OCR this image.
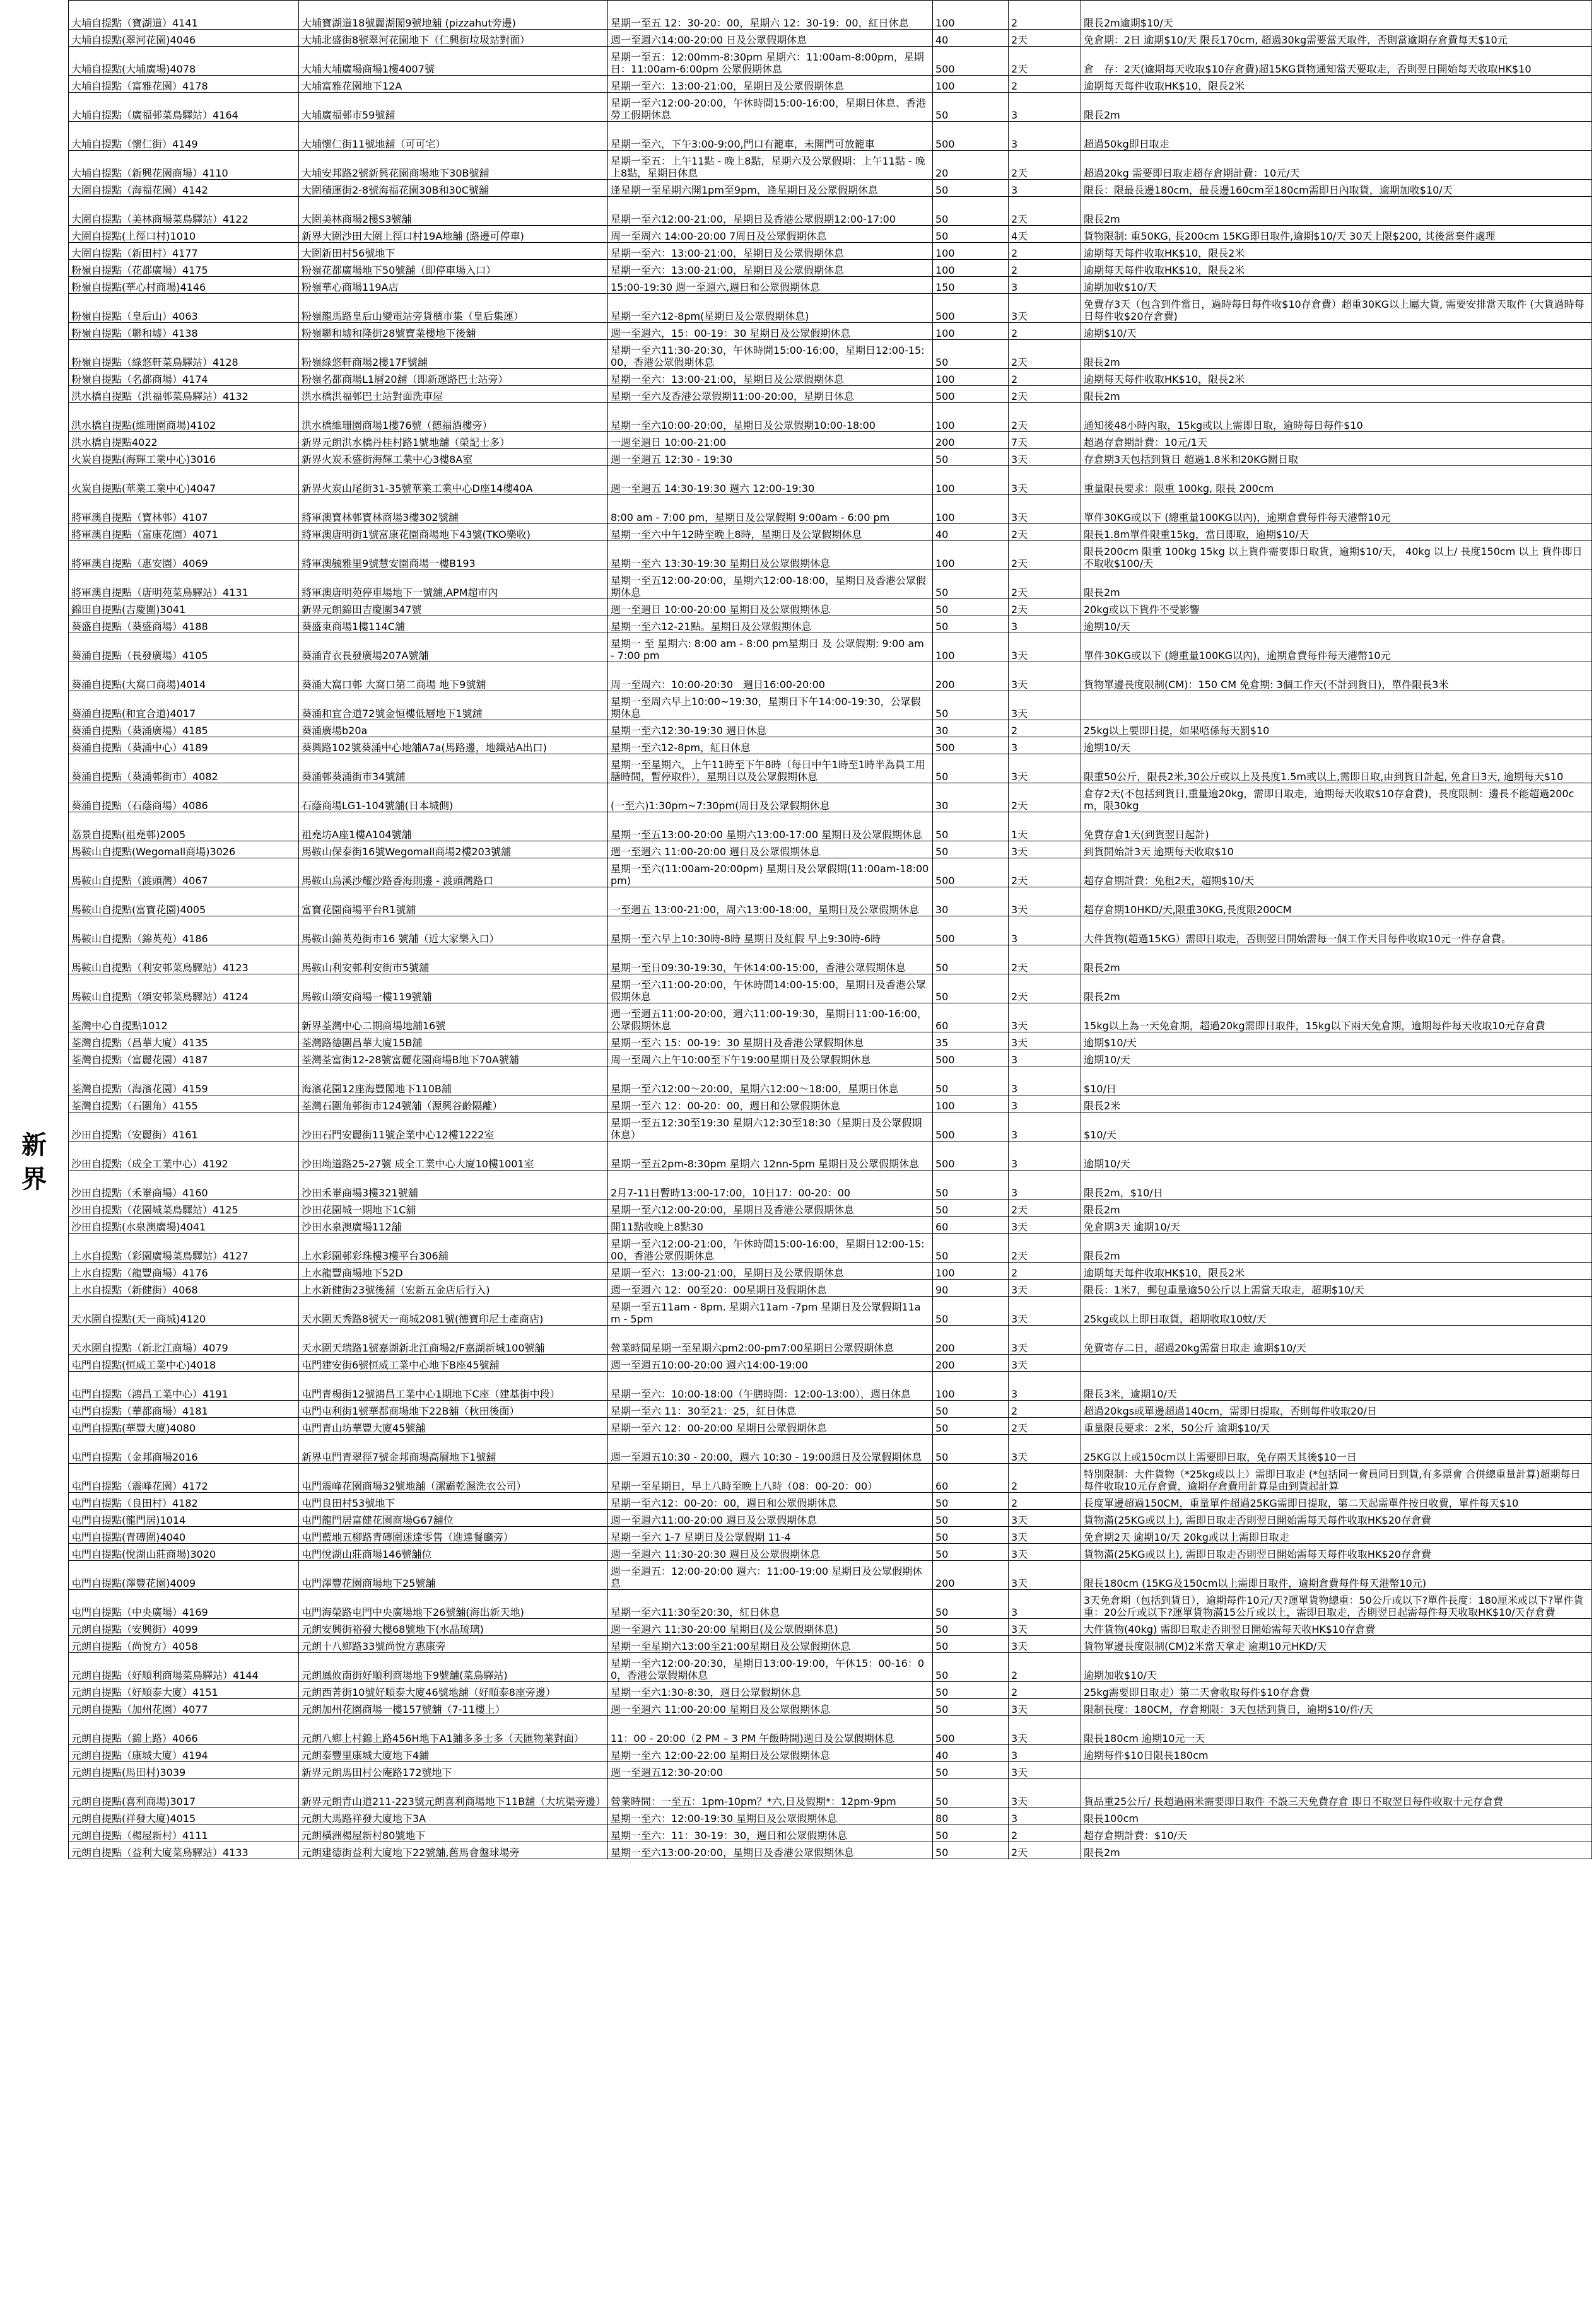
新
界
大埔自提點（寶湖道）4141	大埔寶湖道18號麗湖閣9號地舖 (pizzahut旁邊)	星期一至五 12：30-20：00，星期六 12：30-19：00，紅日休息	100	2	限長2m逾期$10/天
大埔自提點(翠河花園)4046	大埔北盛街8號翠河花園地下（仁興街垃圾站對面）	週一至週六14:00-20:00 日及公眾假期休息	40	2天	免倉期：2日 逾期$10/天 限長170cm, 超過30kg需要當天取件，否則當逾期存倉費每天$10元
大埔自提點(大埔廣場)4078	大埔大埔廣場商場1樓4007號	星期一至五：12:00mm-8:30pm 星期六：11:00am-8:00pm，星期日：11:00am-6:00pm 公眾假期休息	500	2天	倉　存：2天(逾期每天收取$10存倉費)超15KG貨物通知當天要取走，否則翌日開始每天收取HK$10
大埔自提點（富雅花園）4178	大埔富雅花園地下12A	星期一至六：13:00-21:00，星期日及公眾假期休息	100	2	逾期每天每件收取HK$10，限長2米
大埔自提點（廣福邨菜鳥驛站）4164	大埔廣福邨市59號舖	星期一至六12:00-20:00，午休時間15:00-16:00，星期日休息、香港勞工假期休息	50	3	限長2m
大埔自提點（懷仁街）4149	大埔懷仁街11號地舖（可可宅）	星期一至六，下午3:00-9:00,門口有籠車，未開門可放籠車	500	3	超過50kg即日取走
大埔自提點（新興花園商場）4110	大埔安邦路2號新興花園商場地下30B號舖	星期一至五：上午11點 - 晚上8點，星期六及公眾假期：上午11點 - 晚上8點，星期日休息	20	2天	超過20kg 需要即日取走超存倉期計費：10元/天
大圍自提點（海福花園）4142	大圍積運街2-8號海福花園30B和30C號舖	逢星期一至星期六開1pm至9pm，逢星期日及公眾假期休息	50	3	限長：限最長邊180cm，最長邊160cm至180cm需即日內取貨，逾期加收$10/天
大圍自提點（美林商場菜鳥驛站）4122	大圍美林商場2樓S3號舖	星期一至六12:00-21:00，星期日及香港公眾假期12:00-17:00	50	2天	限長2m
大圍自提點(上徑口村)1010	新界大圍沙田大圍上徑口村19A地舖 (路邊可停車)	周一至周六 14:00-20:00 7周日及公眾假期休息	50	4天	貨物限制: 重50KG, 長200cm 15KG即日取件,逾期$10/天 30天上限$200, 其後當棄件處理
大圍自提點（新田村）4177	大圍新田村56號地下	星期一至六：13:00-21:00，星期日及公眾假期休息	100	2	逾期每天每件收取HK$10，限長2米
粉嶺自提點（花都廣場）4175	粉嶺花都廣場地下50號舖（即停車場入口）	星期一至六：13:00-21:00，星期日及公眾假期休息	100	2	逾期每天每件收取HK$10，限長2米
粉嶺自提點(華心村商場)4146	粉嶺華心商場119A店	15:00-19:30 週一至週六,週日和公眾假期休息	150	3	逾期加收$10/天
粉嶺自提點（皇后山）4063	粉嶺龍馬路皇后山變電站旁貨櫃市集（皇后集運）	星期一至六12-8pm(星期日及公眾假期休息)	500	3天	免費存3天（包含到件當日，過時每日每件收$10存倉費）超重30KG以上屬大貨, 需要安排當天取件 (大貨過時每日每件收$20存倉費)
粉嶺自提點（聯和墟）4138	粉嶺聯和墟和隆街28號寶業樓地下後舖	週一至週六，15：00-19：30 星期日及公眾假期休息	100	2	逾期$10/天
粉嶺自提點（綠悠軒菜鳥驛站）4128	粉嶺綠悠軒商場2樓17F號舖	星期一至六11:30-20:30，午休時間15:00-16:00，星期日12:00-15:00，香港公眾假期休息	50	2天	限長2m
粉嶺自提點（名都商場）4174	粉嶺名都商場L1層20舖（即新運路巴士站旁）	星期一至六：13:00-21:00，星期日及公眾假期休息	100	2	逾期每天每件收取HK$10，限長2米
洪水橋自提點（洪福邨菜鳥驛站）4132	洪水橋洪福邨巴士站對面洗車屋	星期一至六及香港公眾假期11:00-20:00，星期日休息	500	2天	限長2m
洪水橋自提點(維珊園商場)4102	洪水橋維珊園商場1樓76號（德福酒樓旁）	星期一至六10:00-20:00，星期日及公眾假期10:00-18:00	100	2天	通知後48小時內取，15kg或以上需即日取，逾時每日每件$10
洪水橋自提點4022	新界元朗洪水橋丹桂村路1號地舖（榮記士多）	一週至週日 10:00-21:00	200	7天	超過存倉期計費：10元/1天
火炭自提點(海輝工業中心)3016	新界火炭禾盛街海輝工業中心3樓8A室	週一至週五 12:30 - 19:30	50	3天	存倉期3天包括到貨日 超過1.8米和20KG關日取
火炭自提點(華業工業中心)4047	新界火炭山尾街31-35號華業工業中心D座14樓40A	週一至週五 14:30-19:30 週六 12:00-19:30	100	3天	重量限長要求：限重 100kg, 限長 200cm
將軍澳自提點（寶林邨）4107	將軍澳寶林邨寶林商場3樓302號舖	8:00 am - 7:00 pm，星期日及公眾假期 9:00am - 6:00 pm	100	3天	單件30KG或以下 (總重量100KG以內)，逾期倉費每件每天港幣10元
將軍澳自提點（富康花園）4071	將軍澳唐明街1號富康花園商場地下43號(TKO樂收)	星期一至六中午12時至晚上8時，星期日及公眾假期休息	40	2天	限長1.8m單件限重15kg，當日即取，逾期$10/天
將軍澳自提點（惠安園）4069	將軍澳毓雅里9號慧安園商場一樓B193	星期一至六 13:30-19:30 星期日及公眾假期休息	100	2天	限長200cm 限重 100kg 15kg 以上貨件需要即日取貨，逾期$10/天， 40kg 以上/ 長度150cm 以上 貨件即日不取收$100/天
將軍澳自提點（唐明苑菜鳥驛站）4131	將軍澳唐明苑停車場地下一號舖,APM超市內	星期一至五12:00-20:00，星期六12:00-18:00，星期日及香港公眾假期休息	50	2天	限長2m
錦田自提點(吉慶圍)3041	新界元朗錦田吉慶圍347號	週一至週日 10:00-20:00 星期日及公眾假期休息	50	2天	20kg或以下貨件不受影響
葵盛自提點（葵盛商場）4188	葵盛東商場1樓114C舖	星期一至六12-21點。星期日及公眾假期休息	50	3	逾期10/天
葵涌自提點（長發廣場）4105	葵涌青衣長發廣場207A號舖	星期一 至 星期六: 8:00 am - 8:00 pm星期日 及 公眾假期: 9:00 am - 7:00 pm	100	3天	單件30KG或以下 (總重量100KG以內)，逾期倉費每件每天港幣10元
葵涌自提點(大窩口商場)4014	葵涌大窩口邨 大窩口第二商場 地下9號舖	周一至周六：10:00-20:30　週日16:00-20:00	200	3天	貨物單邊長度限制(CM)：150 CM 免倉期: 3個工作天(不計到貨日)，單件限長3米
葵涌自提點(和宜合道)4017	葵涌和宜合道72號金恒樓低層地下1號舖	星期一至周六早上10:00~19:30，星期日下午14:00-19:30，公眾假期休息	50	3天	
葵涌自提點（葵涌廣場）4185	葵涌廣場b20a	星期一至六12:30-19:30 週日休息	30	2	25kg以上要即日提，如果唔係每天罰$10
葵涌自提點（葵涌中心）4189	葵興路102號葵涌中心地舖A7a(馬路邊，地鐵站A出口)	星期一至六12-8pm，紅日休息	500	3	逾期10/天
葵涌自提點（葵涌邨街市）4082	葵涌邨葵涌街市34號舖	星期一至星期六，上午11時至下午8時（每日中午1時至1時半為員工用膳時間，暫停取件），星期日以及公眾假期休息	50	3天	限重50公斤，限長2米,30公斤或以上及長度1.5m或以上,需即日取,由到貨日計起, 免倉日3天, 逾期每天$10
葵涌自提點（石蔭商場）4086	石蔭商場LG1-104號舖(日本城側)	(一至六)1:30pm~7:30pm(周日及公眾假期休息	30	2天	倉存2天(不包括到貨日,重量逾20kg，需即日取走，逾期每天收取$10存倉費)，長度限制：邊長不能超過200cm，限30kg
荔景自提點(祖堯邨)2005	祖堯坊A座1樓A104號舖	星期一至五13:00-20:00 星期六13:00-17:00 星期日及公眾假期休息	50	1天	免費存倉1天(到貨翌日起計)
馬鞍山自提點(Wegomall商場)3026	馬鞍山保泰街16號Wegomall商場2樓203號舖	週一至週六 11:00-20:00 週日及公眾假期休息	50	3天	到貨開始計3天 逾期每天收取$10
馬鞍山自提點（渡頭灣）4067	馬鞍山烏溪沙耀沙路香海則邊 - 渡頭灣路口	星期一至六(11:00am-20:00pm) 星期日及公眾假期(11:00am-18:00pm)	500	2天	超存倉期計費：免租2天，超期$10/天
馬鞍山自提點(富寶花園)4005	富寶花園商場平台R1號舖	一至週五 13:00-21:00，周六13:00-18:00，星期日及公眾假期休息	30	3天	超存倉期10HKD/天,限重30KG,長度限200CM
馬鞍山自提點（錦英苑）4186	馬鞍山錦英苑街市16 號舖（近大家樂入口）	星期一至六早上10:30時-8時 星期日及紅假 早上9:30時-6時	500	3	大件貨物(超過15KG）需即日取走，否則翌日開始需每一個工作天目每件收取10元一件存倉費。
馬鞍山自提點（利安邨菜鳥驛站）4123	馬鞍山利安邨利安街市5號舖	星期一至日09:30-19:30，午休14:00-15:00，香港公眾假期休息	50	2天	限長2m
馬鞍山自提點（頌安邨菜鳥驛站）4124	馬鞍山頌安商場一樓119號舖	星期一至六11:00-20:00，午休時間14:00-15:00，星期日及香港公眾假期休息	50	2天	限長2m
荃灣中心自提點1012	新界荃灣中心二期商場地舖16號	週一至週五11:00-20:00，週六11:00-19:30，星期日11:00-16:00，公眾假期休息	60	3天	15kg以上為一天免倉期，超過20kg需即日取件，15kg以下兩天免倉期，逾期每件每天收取10元存倉費
荃灣自提點（昌華大廈）4135	荃灣路德圍昌華大廈15B舖	星期一至六 15：00-19：30 星期日及香港公眾假期休息	35	3天	逾期$10/天
荃灣自提點（富麗花園）4187	荃灣荃富街12-28號富麗花園商場B地下70A號舖	周一至周六上午10:00至下午19:00星期日及公眾假期休息	500	3	逾期10/天
荃灣自提點（海濱花園）4159	海濱花園12座海豐閣地下110B舖	星期一至六12:00～20:00，星期六12:00～18:00，星期日休息	50	3	$10/日
荃灣自提點（石圍角）4155	荃灣石圍角邨街市124號舖（源興谷齡隔離）	星期一至六 12：00-20：00，週日和公眾假期休息	100	3	限長2米
沙田自提點（安麗街）4161	沙田石門安麗街11號企業中心12樓1222室	星期一至五12:30至19:30 星期六12:30至18:30（星期日及公眾假期休息）	500	3	$10/天
沙田自提點（成全工業中心）4192	沙田坳道路25-27號 成全工業中心大廈10樓1001室	星期一至五2pm-8:30pm 星期六 12nn-5pm 星期日及公眾假期休息	500	3	逾期10/天
沙田自提點（禾輋商場）4160	沙田禾輋商場3樓321號舖	2月7-11日暫時13:00-17:00，10日17：00-20：00	50	3	限長2m，$10/日
沙田自提點（花園城菜鳥驛站）4125	沙田花園城一期地下1C舖	星期一至六12:00-20:00，星期日及香港公眾假期休息	50	2天	限長2m
沙田自提點(水泉澳廣場)4041	沙田水泉澳廣場112舖	開11點收晚上8點30	60	3天	免倉期3天 逾期10/天
上水自提點（彩園廣場菜鳥驛站）4127	上水彩園邨彩珠樓3樓平台306舖	星期一至六12:00-21:00，午休時間15:00-16:00，星期日12:00-15:00，香港公眾假期休息	50	2天	限長2m
上水自提點（龍豐商場）4176	上水龍豐商場地下52D	星期一至六：13:00-21:00，星期日及公眾假期休息	100	2	逾期每天每件收取HK$10，限長2米
上水自提點（新健街）4068	上水新健街23號後舖（宏新五金店后行入)	週一至週六 12：00至20：00星期日及假期休息	90	3天	限長：1米7，郵包重量逾50公斤以上需當天取走，超期$10/天
天水圍自提點(天一商城)4120	天水圍天秀路8號天一商城2081號(德寶印尼士產商店)	星期一至五11am - 8pm. 星期六11am -7pm 星期日及公眾假期11am - 5pm	50	3天	25kg或以上即日取貨，超期收取10蚊/天
天水圍自提點（新北江商場）4079	天水圍天瑞路1號嘉湖新北江商場2/F嘉湖新城100號舖	營業時間星期一至星期六pm2:00-pm7:00星期日公眾假期休息	200	3天	免費寄存二日，超過20kg需當日取走 逾期$10/天
屯門自提點(恒威工業中心)4018	屯門建安街6號恒威工業中心地下B座45號舖	週一至週五10:00-20:00 週六14:00-19:00	200	3天	
屯門自提點（鴻昌工業中心）4191	屯門青楊街12號鴻昌工業中心1期地下C座（建基街中段）	星期一至六：10:00-18:00（午膳時間：12:00-13:00），週日休息	100	3	限長3米，逾期10/天
屯門自提點（華都商場）4181	屯門屯利街1號華都商場地下22B舖（秋田後面）	星期一至六 11：30至21：25，紅日休息	50	2	超過20kgs或單邊超過140cm，需即日提取，否則每件收取20/日
屯門自提點(華豐大廈)4080	屯門青山坊華豐大廈45號舖	星期一至六 12：00-20:00 星期日公眾假期休息	50	2天	重量限長要求：2米，50公斤 逾期$10/天
屯門自提點（金邦商場2016	新界屯門青翠徑7號金邦商場高層地下1號舖	週一至週五10:30 - 20:00，週六 10:30 - 19:00週日及公眾假期休息	50	3天	25KG以上或150cm以上需要即日取，免存兩天其後$10一日
屯門自提點（震峰花園）4172	屯門震峰花園商場32號地舖（潔霸乾濕洗衣公司）	星期一至星期日，早上八時至晚上八時（08：00-20：00）	60	2	特別限制：大件貨物（*25kg或以上）需即日取走 (*包括同一會員同日到貨,有多票會 合併總重量計算)超期每日每件收取10元存倉費，逾期存倉費用計算是由到貨起計算
屯門自提點（良田村）4182	屯門良田村53號地下	星期一至六12：00-20：00，週日和公眾假期休息	50	2	長度單邊超過150CM，重量單件超過25KG需即日提取，第二天起需單件按日收費，單件每天$10
屯門自提點(龍門居)1014	屯門龍門居富健花園商場G67舖位	週一至週六11:00-20:00 週日及公眾假期休息	50	3天	貨物滿(25KG或以上), 需即日取走否則翌日開始需每天每件收取HK$20存倉費
屯門自提點(青磚圍)4040	屯門藍地五柳路青磚圍迷達零售（進達餐廳旁）	星期一至六 1-7 星期日及公眾假期 11-4	50	3天	免倉期2天 逾期10/天 20kg或以上需即日取走
屯門自提點(悅湖山莊商場)3020	屯門悅湖山莊商場146號舖位	週一至週六 11:30-20:30 週日及公眾假期休息	50	3天	貨物滿(25KG或以上), 需即日取走否則翌日開始需每天每件收取HK$20存倉費
屯門自提點(澤豐花園)4009	屯門澤豐花園商場地下25號舖	週一至週五：12:00-20:00 週六：11:00-19:00 星期日及公眾假期休息	200	3天	限長180cm (15KG及150cm以上需即日取件，逾期倉費每件每天港幣10元)
屯門自提點（中央廣場）4169	屯門海榮路屯門中央廣場地下26號舖(海出新天地)	星期一至六11:30至20:30，紅日休息	50	3	3天免倉期（包括到貨日），逾期每件10元/天?運單貨物總重：50公斤或以下?單件長度：180厘米或以下?單件貨重：20公斤或以下?運單貨物滿15公斤或以上，需即日取走，否則翌日起需每件每天收取HK$10/天存倉費
元朗自提點（安興街）4099	元朗安興街裕發大樓68號地下(水晶琉璃)	週一至週六 11:30-20:00 星期日(及公眾假期休息)	50	3天	大件貨物(40kg) 需即日取走否則翌日開始需每天收HK$10存倉費
元朗自提點（尚悅方）4058	元朗十八鄉路33號尚悅方惠康旁	星期一至星期六13:00至21:00星期日及公眾假期休息	50	3天	貨物單邊長度限制(CM)2米當天拿走 逾期10元HKD/天
元朗自提點（好順利商場菜鳥驛站）4144	元朗鳳攸南街好順利商場地下9號舖(菜鳥驛站)	星期一至六12:00-20:30，星期日13:00-19:00，午休15：00-16：00，香港公眾假期休息	50	2	逾期加收$10/天
元朗自提點（好順泰大廈）4151	元朗西菁街10號好順泰大廈46號地舖（好順泰8座旁邊）	星期一至六1:30-8:30，週日公眾假期休息	50	2	25kg需要即日取走）第二天會收取每件$10存倉費
元朗自提點（加州花園）4077	元朗加州花園商場一樓157號舖（7-11樓上）	週一至週六 11:00-20:00 星期日及公眾假期休息	50	3天	限制長度：180CM，存倉期限：3天包括到貨日，逾期$10/件/天
元朗自提點（錦上路）4066	元朗八鄉上村錦上路456H地下A1鋪多多士多（天匯物業對面）	11：00 - 20:00（2 PM – 3 PM 午飯時間)週日及公眾假期休息	500	3天	限長180cm 逾期10元一天
元朗自提點（康城大廈）4194	元朗泰豐里康城大廈地下4鋪	星期一至六 12:00-22:00 星期日及公眾假期休息	40	3	逾期每件$10日限長180cm
元朗自提點(馬田村)3039	新界元朗馬田村公庵路172號地下	週一至週五12:30-20:00	50	3天	
元朗自提點(喜利商場)3017	新界元朗青山道211-223號元朗喜利商場地下11B舖（大坑渠旁邊）	營業時間：一至五：1pm-10pm？*六,日及假期*：12pm-9pm	50	3天	貨品重25公斤/ 長超過兩米需要即日取件 不設三天免費存倉 即日不取翌日每件收取十元存倉費
元朗自提點(祥發大廈)4015	元朗大馬路祥發大廈地下3A	星期一至六：12:00-19:30 星期日及公眾假期休息	80	3	限長100cm
元朗自提點（楊屋新村）4111	元朗橫洲楊屋新村80號地下	星期一至六：11：30-19：30，週日和公眾假期休息	50	2	超存倉期計費：$10/天
元朗自提點（益利大廈菜鳥驛站）4133	元朗建德街益利大廈地下22號舖,舊馬會盤球場旁	星期一至六13:00-20:00，星期日及香港公眾假期休息	50	2天	限長2m
